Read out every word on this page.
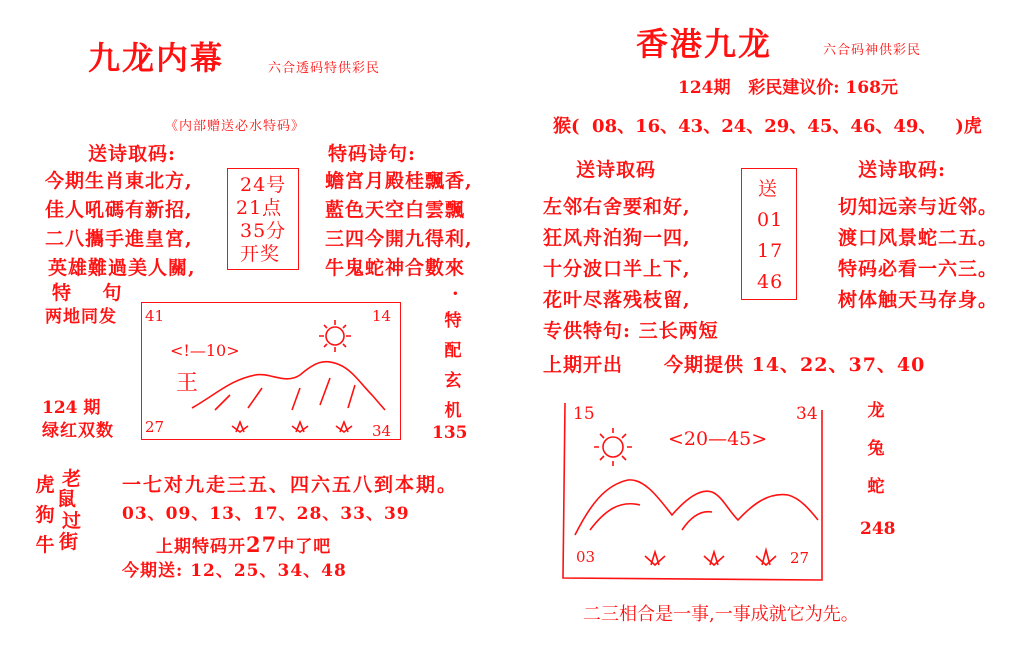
九龙内幕	六合透码特供彩民
《内部赠送必水特码》
送诗取码:
今期生肖東北方,
佳人吼碼有新招,
二八攜手進皇宮,
英雄難過美人關,
24号
21点
35分
开奖
特码诗句:
蟾宮月殿桂飄香,
藍色天空白雲飄
三四今開九得利,
牛鬼蛇神合數來
特    句
两地同发 41	14
27	34
<!—10>
王
124 期
绿红双数
·
特
配
玄
机
135
虎
狗
牛
老
鼠
过
街
一七对九走三五、四六五八到本期。
03、09、13、17、28、33、39
上期特码开27中了吧
今期送: 12、25、34、48
香港九龙	六合码神供彩民
124期   彩民建议价: 168元
猴(  08、16、43、24、29、45、46、49、   )虎
送诗取码	送诗取码:
左邻右舍要和好,
狂风舟泊狗一四,
十分波口半上下,
花叶尽落残枝留,
送
01
17
46
切知远亲与近邻。
渡口风景蛇二五。
特码必看一六三。
树体触天马存身。
专供特句: 三长两短
上期开出 今期提供 14、22、37、40
15	34
03	27
<20—45>
龙
兔
蛇
248
二三相合是一事,一事成就它为先。
